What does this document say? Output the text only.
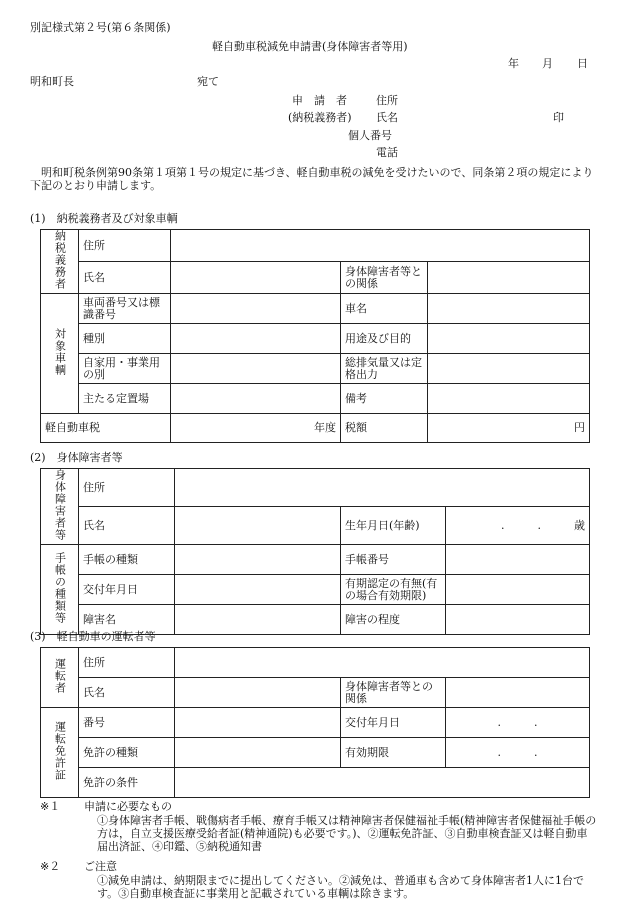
別記様式第２号(第６条関係)
軽自動車税減免申請書(身体障害者等用)
年 月 日
明和町長	宛て
申　請　者	住所
(納税義務者) 氏名	印
個人番号
電話
　明和町税条例第90条第１項第１号の規定に基づき、軽自動車税の減免を受けたいので、同条第２項の規定により下記のとおり申請します。
(1)　納税義務者及び対象車輌
納税義務者	住所			
	氏名		身体障害者等との関係	
対象車輌	車両番号又は標識番号		車名	
	種別		用途及び目的	
	自家用・事業用の別		総排気量又は定格出力	
	主たる定置場		備考	
軽自動車税		年度　　　　　	税額	円
(2)　身体障害者等
身体障害者等	住所			
	氏名		生年月日(年齢)	.　　　.　　　 歳
手帳の種類等	手帳の種類		手帳番号	
	交付年月日		有期認定の有無(有の場合有効期限)	
	障害名		障害の程度	
(3)　軽自動車の運転者等
運転者	住所			
	氏名		身体障害者等との関係	
運転免許証	番号		交付年月日	.　　　.
	免許の種類		有効期限	.　　　.
	免許の条件			
※１ 申請に必要なもの
①身体障害者手帳、戦傷病者手帳、療育手帳又は精神障害者保健福祉手帳(精神障害者保健福祉手帳の方は，自立支援医療受給者証(精神通院)も必要です。)、②運転免許証、③自動車検査証又は軽自動車届出済証、④印鑑、⑤納税通知書
※２ ご注意
①減免申請は、納期限までに提出してください。②減免は、普通車も含めて身体障害者1人に1台です。③自動車検査証に事業用と記載されている車輌は除きます。
